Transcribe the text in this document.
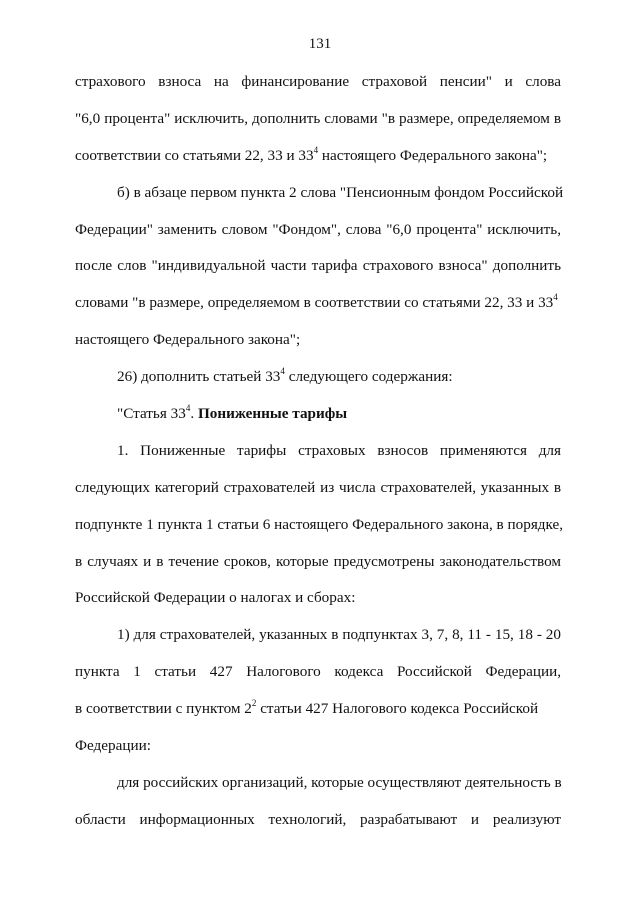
131
страхового взноса на финансирование страховой пенсии" и слова
"6,0 процента" исключить, дополнить словами "в размере, определяемом в
соответствии со статьями 22, 33 и $33^4$ настоящего Федерального закона";
б) в абзаце первом пункта 2 слова "Пенсионным фондом Российской
Федерации" заменить словом "Фондом", слова "6,0 процента" исключить,
после слов "индивидуальной части тарифа страхового взноса" дополнить
словами "в размере, определяемом в соответствии со статьями 22, 33 и $33^4$
настоящего Федерального закона";
26) дополнить статьей $33^4$ следующего содержания:
"Статья $33^4$. Пониженные тарифы
1. Пониженные тарифы страховых взносов применяются для
следующих категорий страхователей из числа страхователей, указанных в
подпункте 1 пункта 1 статьи 6 настоящего Федерального закона, в порядке,
в случаях и в течение сроков, которые предусмотрены законодательством
Российской Федерации о налогах и сборах:
1) для страхователей, указанных в подпунктах 3, 7, 8, 11 - 15, 18 - 20
пункта 1 статьи 427 Налогового кодекса Российской Федерации,
в соответствии с пунктом $2^2$ статьи 427 Налогового кодекса Российской
Федерации:
для российских организаций, которые осуществляют деятельность в
области информационных технологий, разрабатывают и реализуют
